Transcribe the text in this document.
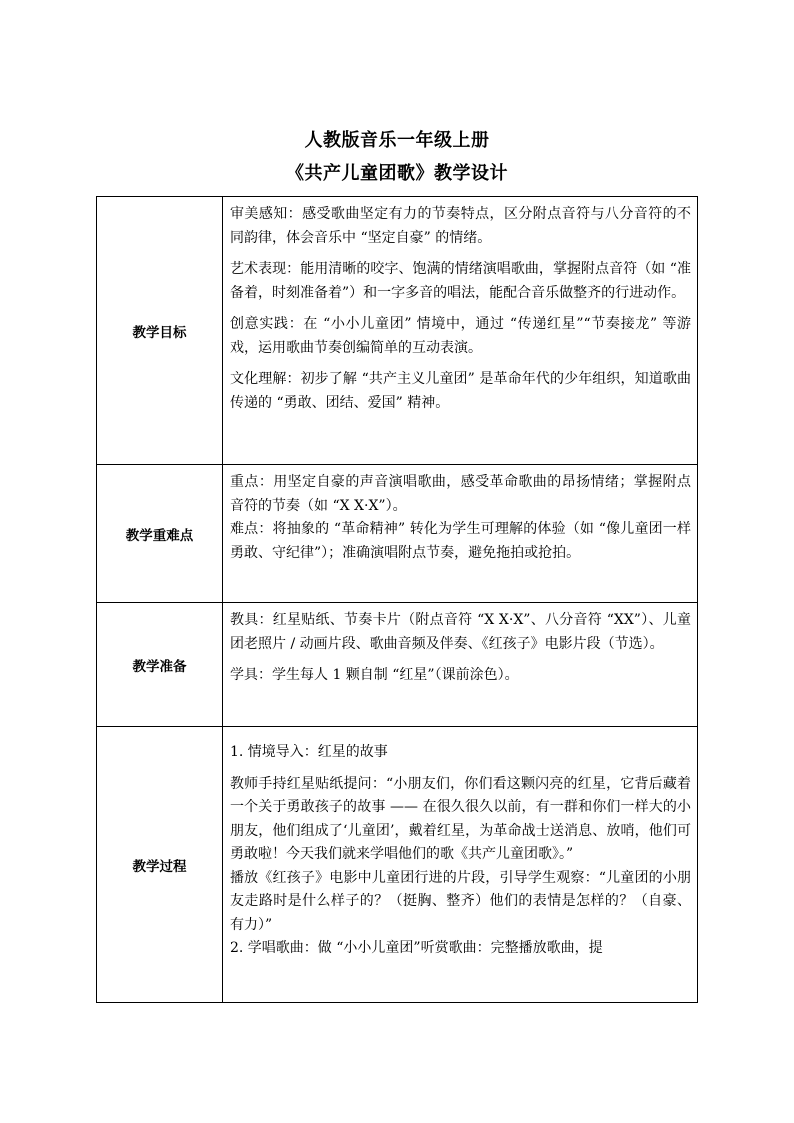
人教版音乐一年级上册
《共产儿童团歌》教学设计
教学目标	审美感知：感受歌曲坚定有力的节奏特点，区分附点音符与八分音符的不同韵律，体会音乐中 “坚定自豪” 的情绪。

艺术表现：能用清晰的咬字、饱满的情绪演唱歌曲，掌握附点音符（如 “准备着，时刻准备着”）和一字多音的唱法，能配合音乐做整齐的行进动作。

创意实践：在 “小小儿童团” 情境中，通过 “传递红星”“节奏接龙” 等游戏，运用歌曲节奏创编简单的互动表演。

文化理解：初步了解 “共产主义儿童团” 是革命年代的少年组织，知道歌曲传递的 “勇敢、团结、爱国” 精神。

教学重难点	重点：用坚定自豪的声音演唱歌曲，感受革命歌曲的昂扬情绪；掌握附点音符的节奏（如 “X X·X”）。

难点：将抽象的 “革命精神” 转化为学生可理解的体验（如 “像儿童团一样勇敢、守纪律”）；准确演唱附点节奏，避免拖拍或抢拍。

教学准备	教具：红星贴纸、节奏卡片（附点音符 “X X·X”、八分音符 “XX”）、儿童团老照片 / 动画片段、歌曲音频及伴奏、《红孩子》电影片段（节选）。

学具：学生每人 1 颗自制 “红星”（课前涂色）。

教学过程	1. 情境导入：红星的故事

教师手持红星贴纸提问：“小朋友们，你们看这颗闪亮的红星，它背后藏着一个关于勇敢孩子的故事 —— 在很久很久以前，有一群和你们一样大的小朋友，他们组成了‘儿童团’，戴着红星，为革命战士送消息、放哨，他们可勇敢啦！今天我们就来学唱他们的歌《共产儿童团歌》。”

播放《红孩子》电影中儿童团行进的片段，引导学生观察：“儿童团的小朋友走路时是什么样子的？（挺胸、整齐）他们的表情是怎样的？（自豪、有力）”

2. 学唱歌曲：做 “小小儿童团”听赏歌曲：完整播放歌曲，提
